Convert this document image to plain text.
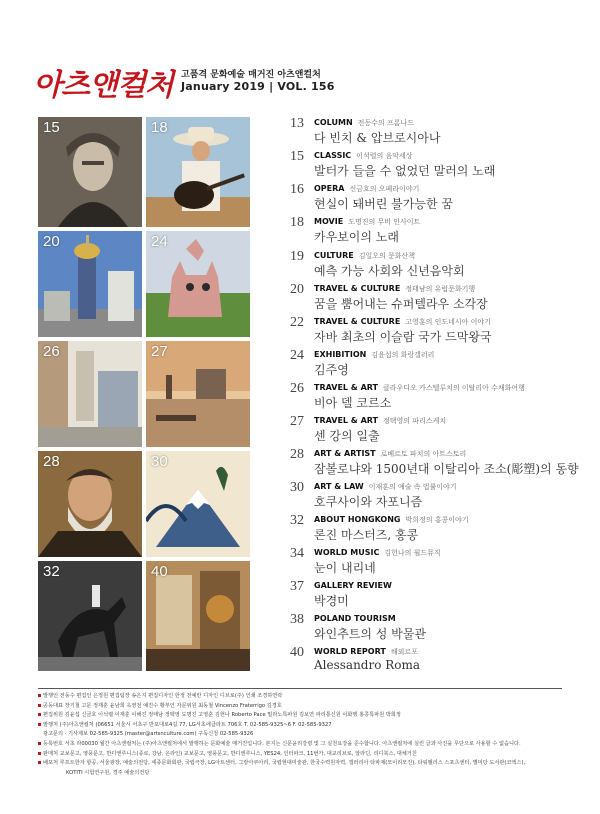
아츠앤컬처 고품격 문화예술 매거진 아츠앤컬처
January 2019 | VOL. 156
15	18
20	24
26	27
28	30
32	40
13	COLUMN 전동수의 프롬나드
다 빈치 & 압브로시아나
15	CLASSIC 이석렬의 음악세상
발터가 들을 수 없었던 말러의 노래
16	OPERA 신금호의 오페라이야기
현실이 돼버린 불가능한 꿈
18	MOVIE 도명진의 무비 인사이트
카우보이의 노래
19	CULTURE 김일오의 문화산책
예측 가능 사회와 신년음악회
20	TRAVEL & CULTURE 정태남의 유럽문화기행
꿈을 뿜어내는 슈퍼텔라우 소각장
22	TRAVEL & CULTURE 고영훈의 인도네시아 이야기
자바 최초의 이슬람 국가 드막왕국
24	EXHIBITION 김윤섭의 화랑갤러리
김주영
26	TRAVEL & ART 클라우디오 카스텔루치의 이탈리아 수채화여행
비아 델 코르소
27	TRAVEL & ART 정택영의 파리스케치
센 강의 일출
28	ART & ARTIST 로베르토 파치의 아트스토리
잠볼로냐와 1500년대 이탈리아 조소(彫塑)의 동향
30	ART & LAW 이재훈의 예술 속 법률이야기
호쿠사이와 자포니즘
32	ABOUT HONGKONG 박희정의 홍콩이야기
론진 마스터즈, 홍콩
34	WORLD MUSIC 김헌나의 월드뮤직
눈이 내리네
37	GALLERY REVIEW
박경미
38	POLAND TOURISM
와인추트의 성 박물관
40	WORLD REPORT 해외르포
Alessandro Roma
발행인 전동수 편집인 은정원 편집팀장 송은지 편집디자인 한정 전예란 디자인 디브로(주) 인쇄 조경하연락
공동대표 장기철 고문 정재훈 윤남희 옥영전 예진수 황부인 자문위원 최동철 Vincenzo Fraterrigo 김경호
편집위원 김윤섭 신금호 이석렬 이재훈 이해진 정태남 정택영 도명진 고영훈 김헌나 Roberto Pace 밀라노특파원 김보연 파리통신원 이화행 홍콩특파원 박희정
발행처 (주)아츠앤컬처 (06651 서울시 서초구 반포대로4길 77, LG서초에클라트 706호 T. 02-585-9325~6 F. 02-585-9327
광고문의 · 기사제보 02-585-9325 (master@artsnculture.com) 구독신청 02-585-9326
등록번호 서초 라00030 월간 아츠앤컬처는 (주)아츠앤컬처에서 발행하는 문화예술 매거진입니다. 본지는 신문윤리강령 및 그 실천요강을 준수합니다. 아츠앤컬처에 실린 글과 사진을 무단으로 사용할 수 없습니다.
판매처 교보문고, 영풍문고, 반디앤루니스(종로, 강남, 온라인) 교보문고, 영풍문고, 반디앤루니스, YES24, 인터파크, 11번가, 대교리브로, 알라딘, 리디북스, 대체거친
배포처 루프트한자 항공, 서울광장, 예술의전당, 세종문화회관, 국립극장, LG아트센터, 그랑아쿠아리, 국립현대미술관, 한국수력원자력, 갤러리아 타파제(모이리모진), 타워팰리스 스포츠센터, 별미당 도서관(코엑스),
KOTITI 시험연구원, 경주 예술의전당
